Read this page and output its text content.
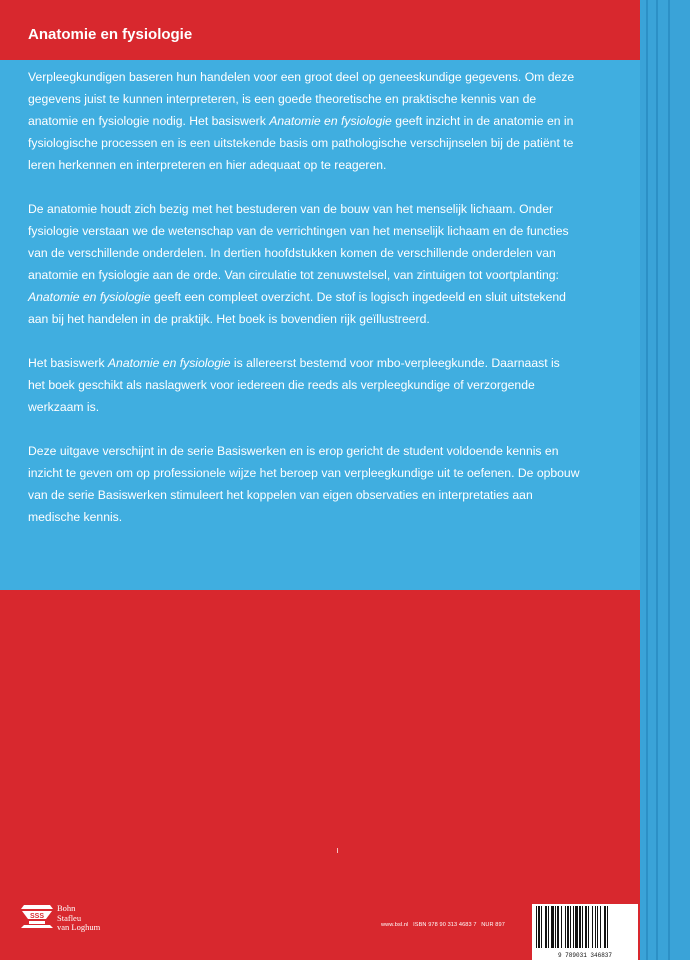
Anatomie en fysiologie

Verpleegkundigen baseren hun handelen voor een groot deel op geneeskundige gegevens. Om deze gegevens juist te kunnen interpreteren, is een goede theoretische en praktische kennis van de anatomie en fysiologie nodig. Het basiswerk Anatomie en fysiologie geeft inzicht in de anatomie en in fysiologische processen en is een uitstekende basis om pathologische verschijnselen bij de patiënt te leren herkennen en interpreteren en hier adequaat op te reageren.

De anatomie houdt zich bezig met het bestuderen van de bouw van het menselijk lichaam. Onder fysiologie verstaan we de wetenschap van de verrichtingen van het menselijk lichaam en de functies van de verschillende onderdelen. In dertien hoofdstukken komen de verschillende onderdelen van anatomie en fysiologie aan de orde. Van circulatie tot zenuwstelsel, van zintuigen tot voortplanting: Anatomie en fysiologie geeft een compleet overzicht. De stof is logisch ingedeeld en sluit uitstekend aan bij het handelen in de praktijk. Het boek is bovendien rijk geïllustreerd.

Het basiswerk Anatomie en fysiologie is allereerst bestemd voor mbo-verpleegkunde. Daarnaast is het boek geschikt als naslagwerk voor iedereen die reeds als verpleegkundige of verzorgende werkzaam is.

Deze uitgave verschijnt in de serie Basiswerken en is erop gericht de student voldoende kennis en inzicht te geven om op professionele wijze het beroep van verpleegkundige uit te oefenen. De opbouw van de serie Basiswerken stimuleert het koppelen van eigen observaties en interpretaties aan medische kennis.

SSS
Bohn
Stafleu
van Loghum	www.bsl.nl ISBN 978 90 313 4683 7 NUR 897
9 789031 346837
